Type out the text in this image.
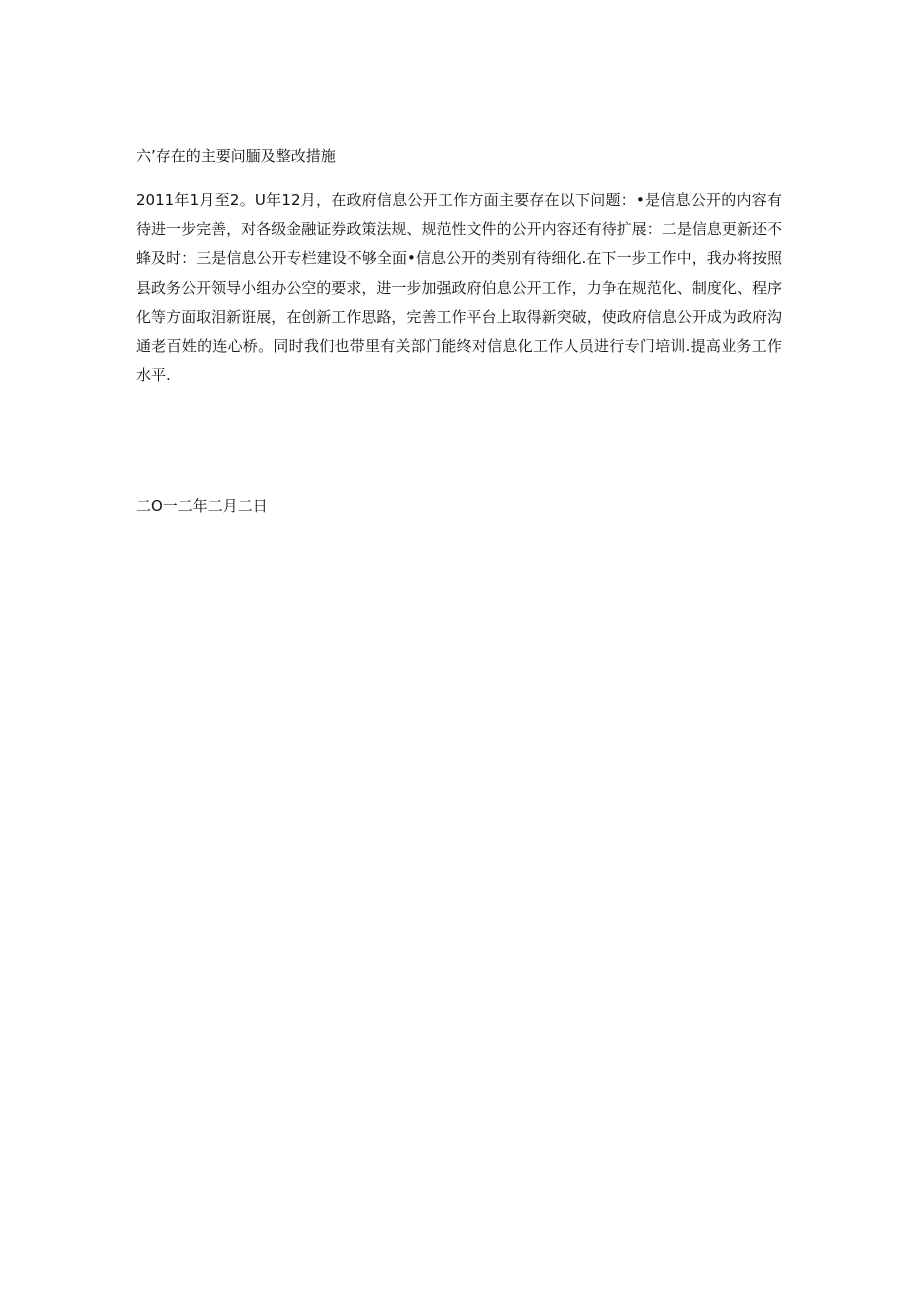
六’存在的主要问腼及整改措施

2011年1月至2。U年12月，在政府信息公开工作方面主要存在以下问题：•是信息公开的内容有待进一步完善，对各级金融证券政策法规、规范性文件的公开内容还有待扩展：二是信息更新还不蜂及时：三是信息公开专栏建设不够全面•信息公开的类别有待细化.在下一步工作中，我办将按照县政务公开领导小组办公空的要求，进一步加强政府伯息公开工作，力争在规范化、制度化、程序化等方面取泪新诳展，在创新工作思路，完善工作平台上取得新突破，使政府信息公开成为政府沟通老百姓的连心桥。同时我们也带里有关部门能终对信息化工作人员进行专门培训.提高业务工作水平.

二O一二年二月二日
